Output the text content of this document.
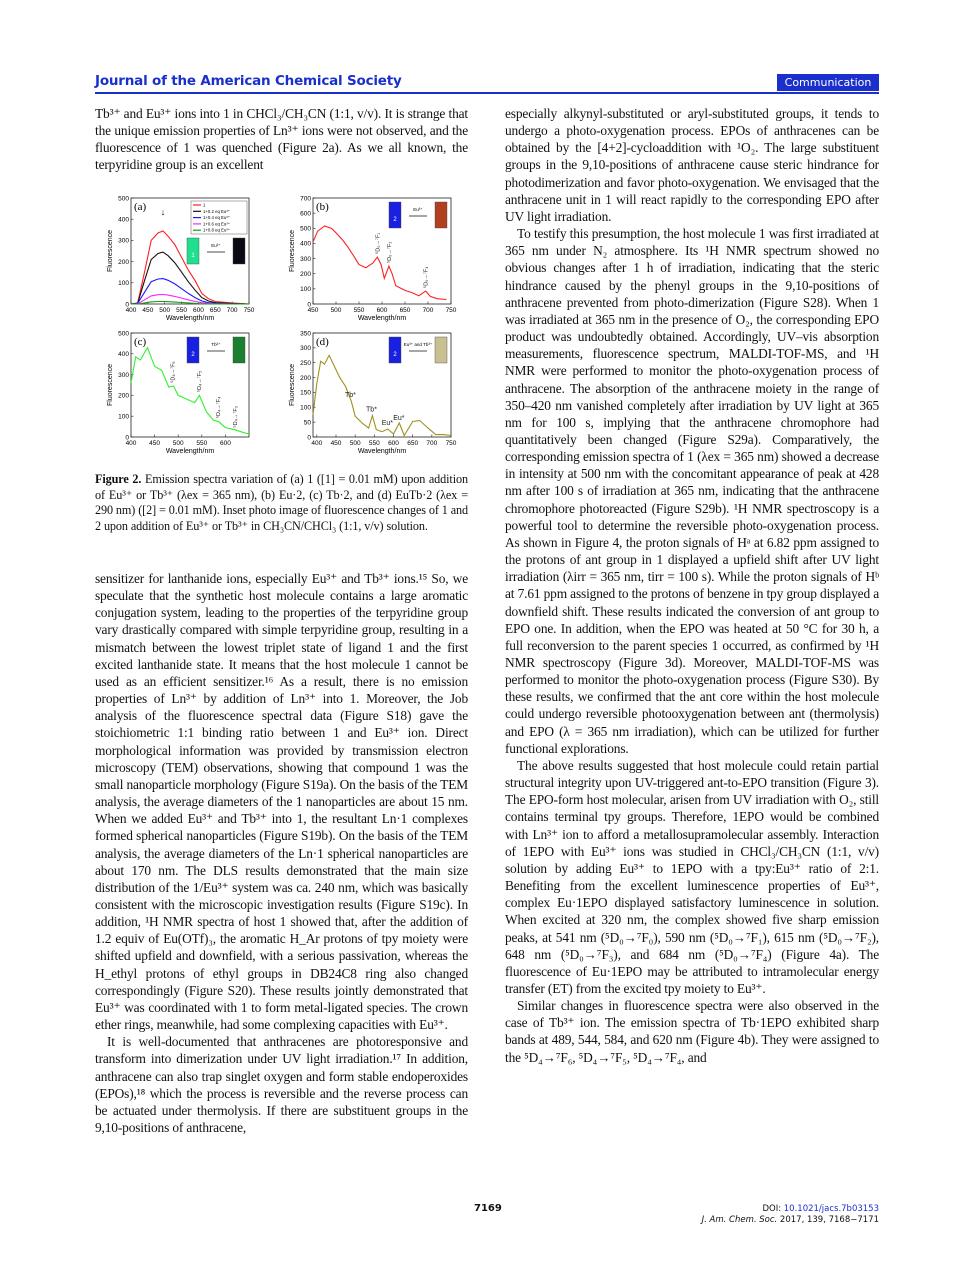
Journal of the American Chemical Society	Communication

Tb³⁺ and Eu³⁺ ions into 1 in CHCl₃/CH₃CN (1:1, v/v). It is strange that the unique emission properties of Ln³⁺ ions were not observed, and the fluorescence of 1 was quenched (Figure 2a). As we all known, the terpyridine group is an excellent

400 450 500 550 600 650 700 750
0
100
200
300
400
500
Wavelength/nm
Fluorescence
(a)
1
Eu³⁺
1
1+0.2 eq Eu³⁺
1+0.4 eq Eu³⁺
1+0.6 eq Eu³⁺
1+0.8 eq Eu³⁺
↓
450 500 550 600 650 700 750
0
100
200
300
400
500
600
700
Wavelength/nm
Fluorescence
(b)
2
Eu³⁺
⁵D₀→⁷F₁ ⁵D₀→⁷F₂
⁵D₀→⁷F₄
400 450 500 550 600
0
100
200
300
400
500
Wavelength/nm
Fluorescence
(c)
2
Tb³⁺
⁵D₄→⁷F₆	⁵D₄→⁷F₅
⁵D₄→⁷F₄ ⁵D₄→⁷F₃
400 450 500 550 600 650 700 750
0
50
100
150
200
250
300
350
Wavelength/nm
Fluorescence
(d)
2
Eu³⁺ and Tb³⁺
Tb*
Tb*
Eu*
Eu*
Figure 2. Emission spectra variation of (a) 1 ([1] = 0.01 mM) upon addition of Eu³⁺ or Tb³⁺ (λex = 365 nm), (b) Eu·2, (c) Tb·2, and (d) EuTb·2 (λex = 290 nm) ([2] = 0.01 mM). Inset photo image of fluorescence changes of 1 and 2 upon addition of Eu³⁺ or Tb³⁺ in CH₃CN/CHCl₃ (1:1, v/v) solution.

sensitizer for lanthanide ions, especially Eu³⁺ and Tb³⁺ ions.¹⁵ So, we speculate that the synthetic host molecule contains a large aromatic conjugation system, leading to the properties of the terpyridine group vary drastically compared with simple terpyridine group, resulting in a mismatch between the lowest triplet state of ligand 1 and the first excited lanthanide state. It means that the host molecule 1 cannot be used as an efficient sensitizer.¹⁶ As a result, there is no emission properties of Ln³⁺ by addition of Ln³⁺ into 1. Moreover, the Job analysis of the fluorescence spectral data (Figure S18) gave the stoichiometric 1:1 binding ratio between 1 and Eu³⁺ ion. Direct morphological information was provided by transmission electron microscopy (TEM) observations, showing that compound 1 was the small nanoparticle morphology (Figure S19a). On the basis of the TEM analysis, the average diameters of the 1 nanoparticles are about 15 nm. When we added Eu³⁺ and Tb³⁺ into 1, the resultant Ln·1 complexes formed spherical nanoparticles (Figure S19b). On the basis of the TEM analysis, the average diameters of the Ln·1 spherical nanoparticles are about 170 nm. The DLS results demonstrated that the main size distribution of the 1/Eu³⁺ system was ca. 240 nm, which was basically consistent with the microscopic investigation results (Figure S19c). In addition, ¹H NMR spectra of host 1 showed that, after the addition of 1.2 equiv of Eu(OTf)₃, the aromatic H_Ar protons of tpy moiety were shifted upfield and downfield, with a serious passivation, whereas the H_ethyl protons of ethyl groups in DB24C8 ring also changed correspondingly (Figure S20). These results jointly demonstrated that Eu³⁺ was coordinated with 1 to form metal-ligated species. The crown ether rings, meanwhile, had some complexing capacities with Eu³⁺.

It is well-documented that anthracenes are photoresponsive and transform into dimerization under UV light irradiation.¹⁷ In addition, anthracene can also trap singlet oxygen and form stable endoperoxides (EPOs),¹⁸ which the process is reversible and the reverse process can be actuated under thermolysis. If there are substituent groups in the 9,10-positions of anthracene,

especially alkynyl-substituted or aryl-substituted groups, it tends to undergo a photo-oxygenation process. EPOs of anthracenes can be obtained by the [4+2]-cycloaddition with ¹O₂. The large substituent groups in the 9,10-positions of anthracene cause steric hindrance for photodimerization and favor photo-oxygenation. We envisaged that the anthracene unit in 1 will react rapidly to the corresponding EPO after UV light irradiation.

To testify this presumption, the host molecule 1 was first irradiated at 365 nm under N₂ atmosphere. Its ¹H NMR spectrum showed no obvious changes after 1 h of irradiation, indicating that the steric hindrance caused by the phenyl groups in the 9,10-positions of anthracene prevented from photo-dimerization (Figure S28). When 1 was irradiated at 365 nm in the presence of O₂, the corresponding EPO product was undoubtedly obtained. Accordingly, UV–vis absorption measurements, fluorescence spectrum, MALDI-TOF-MS, and ¹H NMR were performed to monitor the photo-oxygenation process of anthracene. The absorption of the anthracene moiety in the range of 350–420 nm vanished completely after irradiation by UV light at 365 nm for 100 s, implying that the anthracene chromophore had quantitatively been changed (Figure S29a). Comparatively, the corresponding emission spectra of 1 (λex = 365 nm) showed a decrease in intensity at 500 nm with the concomitant appearance of peak at 428 nm after 100 s of irradiation at 365 nm, indicating that the anthracene chromophore photoreacted (Figure S29b). ¹H NMR spectroscopy is a powerful tool to determine the reversible photo-oxygenation process. As shown in Figure 4, the proton signals of Hᵃ at 6.82 ppm assigned to the protons of ant group in 1 displayed a upfield shift after UV light irradiation (λirr = 365 nm, tirr = 100 s). While the proton signals of Hᵇ at 7.61 ppm assigned to the protons of benzene in tpy group displayed a downfield shift. These results indicated the conversion of ant group to EPO one. In addition, when the EPO was heated at 50 °C for 30 h, a full reconversion to the parent species 1 occurred, as confirmed by ¹H NMR spectroscopy (Figure 3d). Moreover, MALDI-TOF-MS was performed to monitor the photo-oxygenation process (Figure S30). By these results, we confirmed that the ant core within the host molecule could undergo reversible photooxygenation between ant (thermolysis) and EPO (λ = 365 nm irradiation), which can be utilized for further functional explorations.

The above results suggested that host molecule could retain partial structural integrity upon UV-triggered ant-to-EPO transition (Figure 3). The EPO-form host molecular, arisen from UV irradiation with O₂, still contains terminal tpy groups. Therefore, 1EPO would be combined with Ln³⁺ ion to afford a metallosupramolecular assembly. Interaction of 1EPO with Eu³⁺ ions was studied in CHCl₃/CH₃CN (1:1, v/v) solution by adding Eu³⁺ to 1EPO with a tpy:Eu³⁺ ratio of 2:1. Benefiting from the excellent luminescence properties of Eu³⁺, complex Eu·1EPO displayed satisfactory luminescence in solution. When excited at 320 nm, the complex showed five sharp emission peaks, at 541 nm (⁵D₀→⁷F₀), 590 nm (⁵D₀→⁷F₁), 615 nm (⁵D₀→⁷F₂), 648 nm (⁵D₀→⁷F₃), and 684 nm (⁵D₀→⁷F₄) (Figure 4a). The fluorescence of Eu·1EPO may be attributed to intramolecular energy transfer (ET) from the excited tpy moiety to Eu³⁺.

Similar changes in fluorescence spectra were also observed in the case of Tb³⁺ ion. The emission spectra of Tb·1EPO exhibited sharp bands at 489, 544, 584, and 620 nm (Figure 4b). They were assigned to the ⁵D₄→⁷F₆, ⁵D₄→⁷F₅, ⁵D₄→⁷F₄, and

7169	DOI: 10.1021/jacs.7b03153
J. Am. Chem. Soc. 2017, 139, 7168−7171
